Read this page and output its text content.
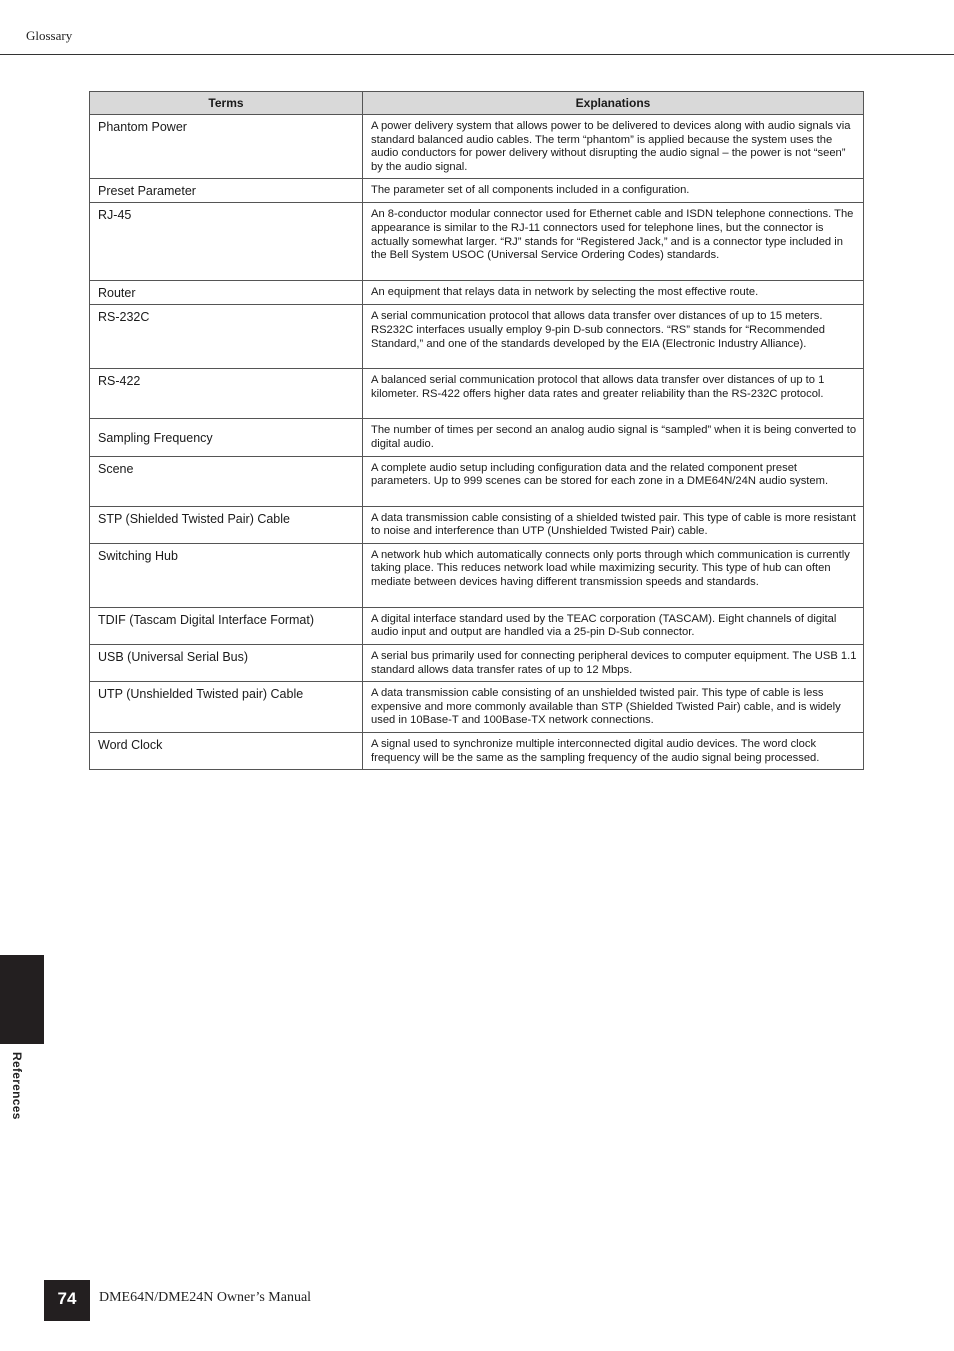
Glossary
Terms	Explanations
Phantom Power	A power delivery system that allows power to be delivered to devices along with audio signals via standard balanced audio cables. The term “phantom” is applied because the system uses the audio conductors for power delivery without disrupting the audio signal – the power is not “seen” by the audio signal.
Preset Parameter	The parameter set of all components included in a configuration.
RJ-45	An 8-conductor modular connector used for Ethernet cable and ISDN telephone connections. The appearance is similar to the RJ-11 connectors used for telephone lines, but the connector is actually somewhat larger. “RJ” stands for “Registered Jack,” and is a connector type included in the Bell System USOC (Universal Service Ordering Codes) standards.
Router	An equipment that relays data in network by selecting the most effective route.
RS-232C	A serial communication protocol that allows data transfer over distances of up to 15 meters. RS232C interfaces usually employ 9-pin D-sub connectors. “RS” stands for “Recommended Standard,” and one of the standards developed by the EIA (Electronic Industry Alliance).
RS-422	A balanced serial communication protocol that allows data transfer over distances of up to 1 kilometer. RS-422 offers higher data rates and greater reliability than the RS-232C protocol.
Sampling Frequency	The number of times per second an analog audio signal is “sampled” when it is being converted to digital audio.
Scene	A complete audio setup including configuration data and the related component preset parameters. Up to 999 scenes can be stored for each zone in a DME64N/24N audio system.
STP (Shielded Twisted Pair) Cable	A data transmission cable consisting of a shielded twisted pair. This type of cable is more resistant to noise and interference than UTP (Unshielded Twisted Pair) cable.
Switching Hub	A network hub which automatically connects only ports through which communication is currently taking place. This reduces network load while maximizing security. This type of hub can often mediate between devices having different transmission speeds and standards.
TDIF (Tascam Digital Interface Format)	A digital interface standard used by the TEAC corporation (TASCAM). Eight channels of digital audio input and output are handled via a 25-pin D-Sub connector.
USB (Universal Serial Bus)	A serial bus primarily used for connecting peripheral devices to computer equipment. The USB 1.1 standard allows data transfer rates of up to 12 Mbps.
UTP (Unshielded Twisted pair) Cable	A data transmission cable consisting of an unshielded twisted pair. This type of cable is less expensive and more commonly available than STP (Shielded Twisted Pair) cable, and is widely used in 10Base-T and 100Base-TX network connections.
Word Clock	A signal used to synchronize multiple interconnected digital audio devices. The word clock frequency will be the same as the sampling frequency of the audio signal being processed.
References
74	DME64N/DME24N Owner’s Manual
